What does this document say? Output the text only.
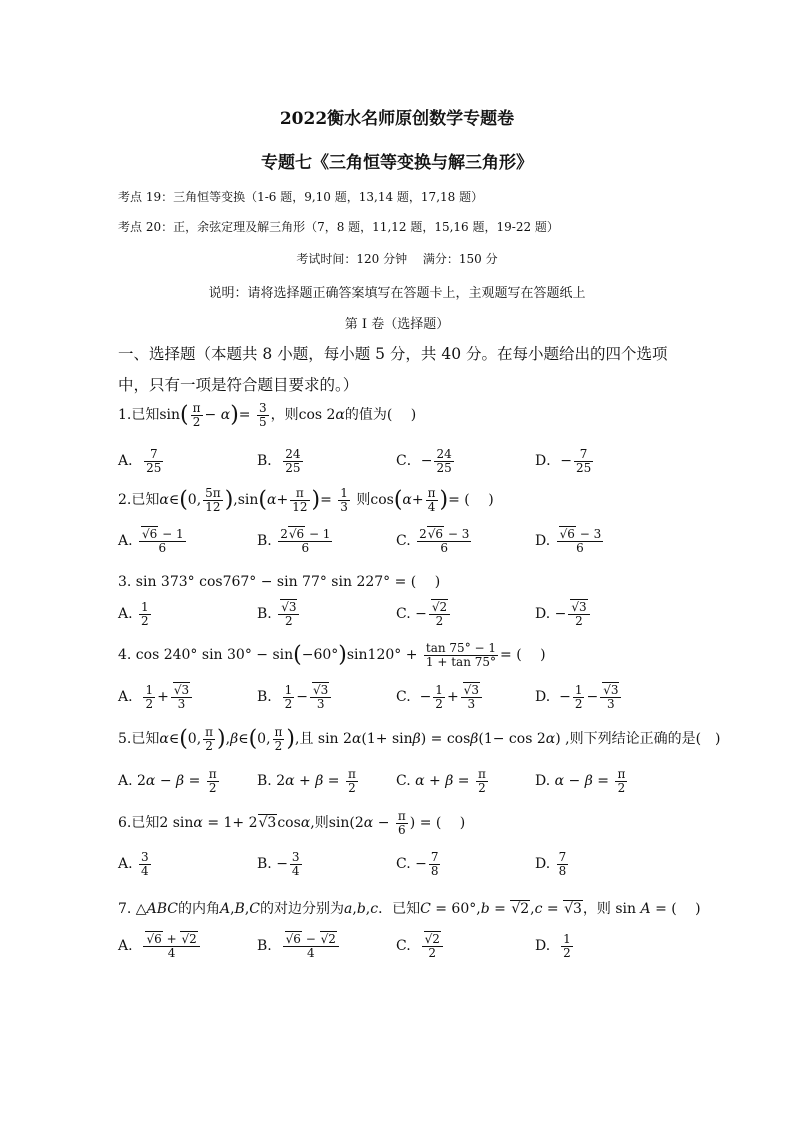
2022衡水名师原创数学专题卷
专题七《三角恒等变换与解三角形》
考点 19：三角恒等变换（1-6 题，9,10 题，13,14 题，17,18 题）
考点 20：正，余弦定理及解三角形（7，8 题，11,12 题，15,16 题，19-22 题）
考试时间：120 分钟　 满分：150 分
说明：请将选择题正确答案填写在答题卡上，主观题写在答题纸上
第 I 卷（选择题）
一、选择题（本题共 8 小题，每小题 5 分，共 40 分。在每小题给出的四个选项
中，只有一项是符合题目要求的。）
1.已知$\sin( \frac{\pi}{2} - \alpha)= \frac{3}{5}$ ，则cos 2α的值为(　 )
A． $\frac{7}{25}$	B． $\frac{24}{25}$	C．− $\frac{24}{25}$	D．− $\frac{7}{25}$
2.已知α∈(0, $\frac{5\pi}{12} ),\sin(\alpha+ \frac{\pi}{12}$ )= $\frac{1}{3}$ 则$\cos(\alpha+ \frac{\pi}{4}$ )= (　 )
A. $\frac{√6 - 1}{6}$	B. $\frac{2√6 - 1}{6}$	C. $\frac{2√6 - 3}{6}$	D. $\frac{√6 - 3}{6}$
3. sin 373° cos767° − sin 77° sin 227° = (　 )
A. $\frac{1}{2}$	B. $\frac{√3}{2}$	C. − $\frac{√2}{2}$	D. − $\frac{√3}{2}$
4. cos 240° $\sin 30^\circ - \sin(-60^\circ)\sin 120^\circ + \frac{\tan 75^\circ - 1}{1 + \tan 75^\circ}$ = (　 )
A. $\frac{1}{2} + \frac{√3}{3}$	B. $\frac{1}{2} - \frac{√3}{3}$	C.  − $\frac{1}{2} + \frac{√3}{3}$	D.  − $\frac{1}{2} - \frac{√3}{3}$
5.已知α∈(0, $\frac{\pi}{2}$ ),β∈(0, $\frac{\pi}{2}$ ),且 sin 2α(1+ sinβ) = cosβ(1− cos 2α) ,则下列结论正确的是(　)
A. $2\alpha - \beta = \frac{\pi}{2}$	B. $2\alpha + \beta = \frac{\pi}{2}$	C. $\alpha + \beta = \frac{\pi}{2}$	D. $\alpha - \beta = \frac{\pi}{2}$
6.已知2 sinα = 1+ 2√3cosα,则$\sin(2\alpha - \frac{\pi}{6}$ ) = (　 )
A. $\frac{3}{4}$	B. − $\frac{3}{4}$	C. − $\frac{7}{8}$	D. $\frac{7}{8}$
7. △ABC的内角A,B,C的对边分别为a,b,c．已知C = 60°,b = √2,c = √3，则 sin A = (　 )
A. $\frac{√6 + √2}{4}$	B. $\frac{√6 - √2}{4}$	C. $\frac{√2}{2}$	D. $\frac{1}{2}$
